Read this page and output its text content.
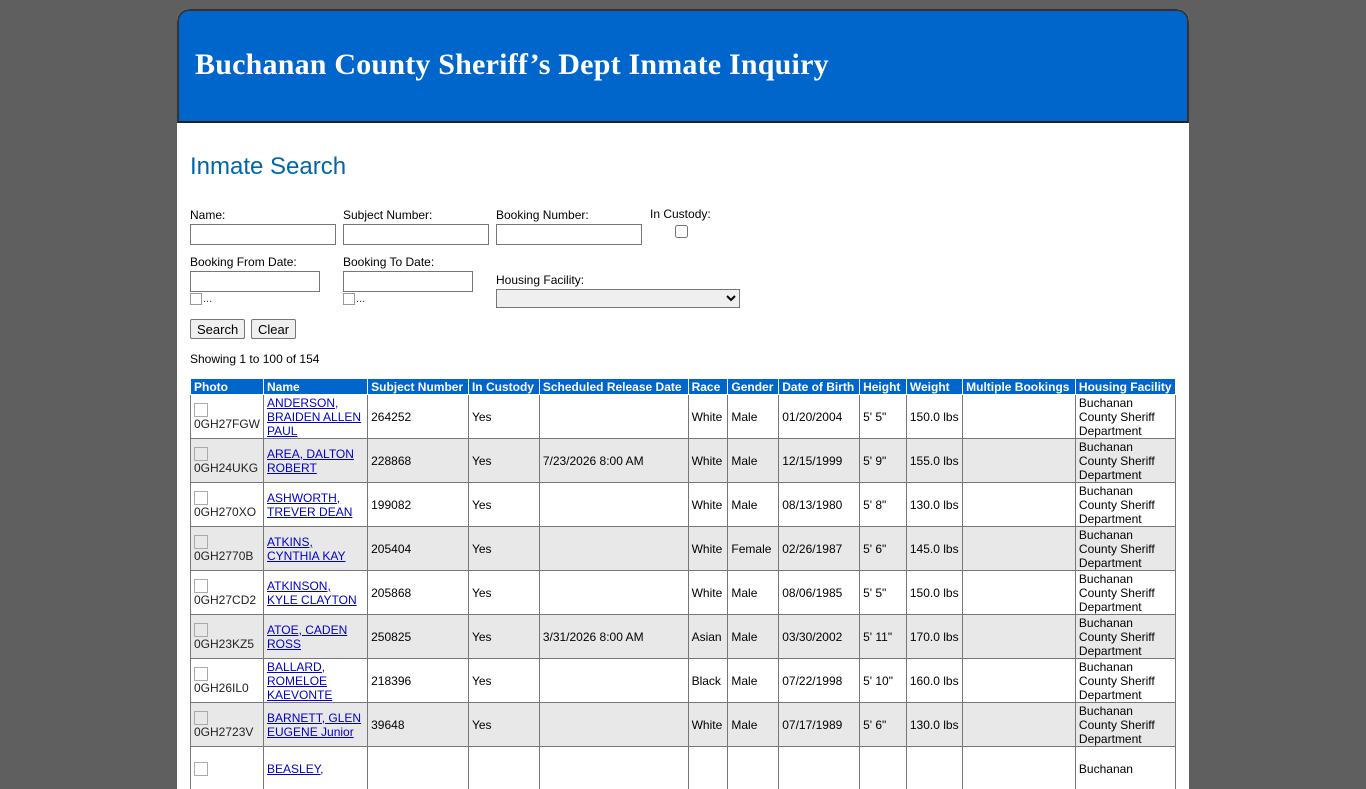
Buchanan County Sheriff’s Dept Inmate Inquiry
Inmate Search
Name:	Subject Number:	Booking Number:	In Custody:
Booking From Date:
...
Booking To Date:
...
Housing Facility:
Search	Clear
Showing 1 to 100 of 154
Photo	Name	Subject Number	In Custody	Scheduled Release Date	Race	Gender	Date of Birth	Height	Weight	Multiple Bookings	Housing Facility

0GH27FGW	ANDERSON, BRAIDEN ALLEN PAUL	264252	Yes		White	Male	01/20/2004	5' 5"	150.0 lbs		Buchanan County Sheriff Department

0GH24UKG	AREA, DALTON ROBERT	228868	Yes	7/23/2026 8:00 AM	White	Male	12/15/1999	5' 9"	155.0 lbs		Buchanan County Sheriff Department

0GH270XO	ASHWORTH, TREVER DEAN	199082	Yes		White	Male	08/13/1980	5' 8"	130.0 lbs		Buchanan County Sheriff Department

0GH2770B	ATKINS, CYNTHIA KAY	205404	Yes		White	Female	02/26/1987	5' 6"	145.0 lbs		Buchanan County Sheriff Department

0GH27CD2	ATKINSON, KYLE CLAYTON	205868	Yes		White	Male	08/06/1985	5' 5"	150.0 lbs		Buchanan County Sheriff Department

0GH23KZ5	ATOE, CADEN ROSS	250825	Yes	3/31/2026 8:00 AM	Asian	Male	03/30/2002	5' 11"	170.0 lbs		Buchanan County Sheriff Department

0GH26IL0	BALLARD, ROMELOE KAEVONTE	218396	Yes		Black	Male	07/22/1998	5' 10"	160.0 lbs		Buchanan County Sheriff Department

0GH2723V	BARNETT, GLEN EUGENE Junior	39648	Yes		White	Male	07/17/1989	5' 6"	130.0 lbs		Buchanan County Sheriff Department

	BEASLEY,										Buchanan
